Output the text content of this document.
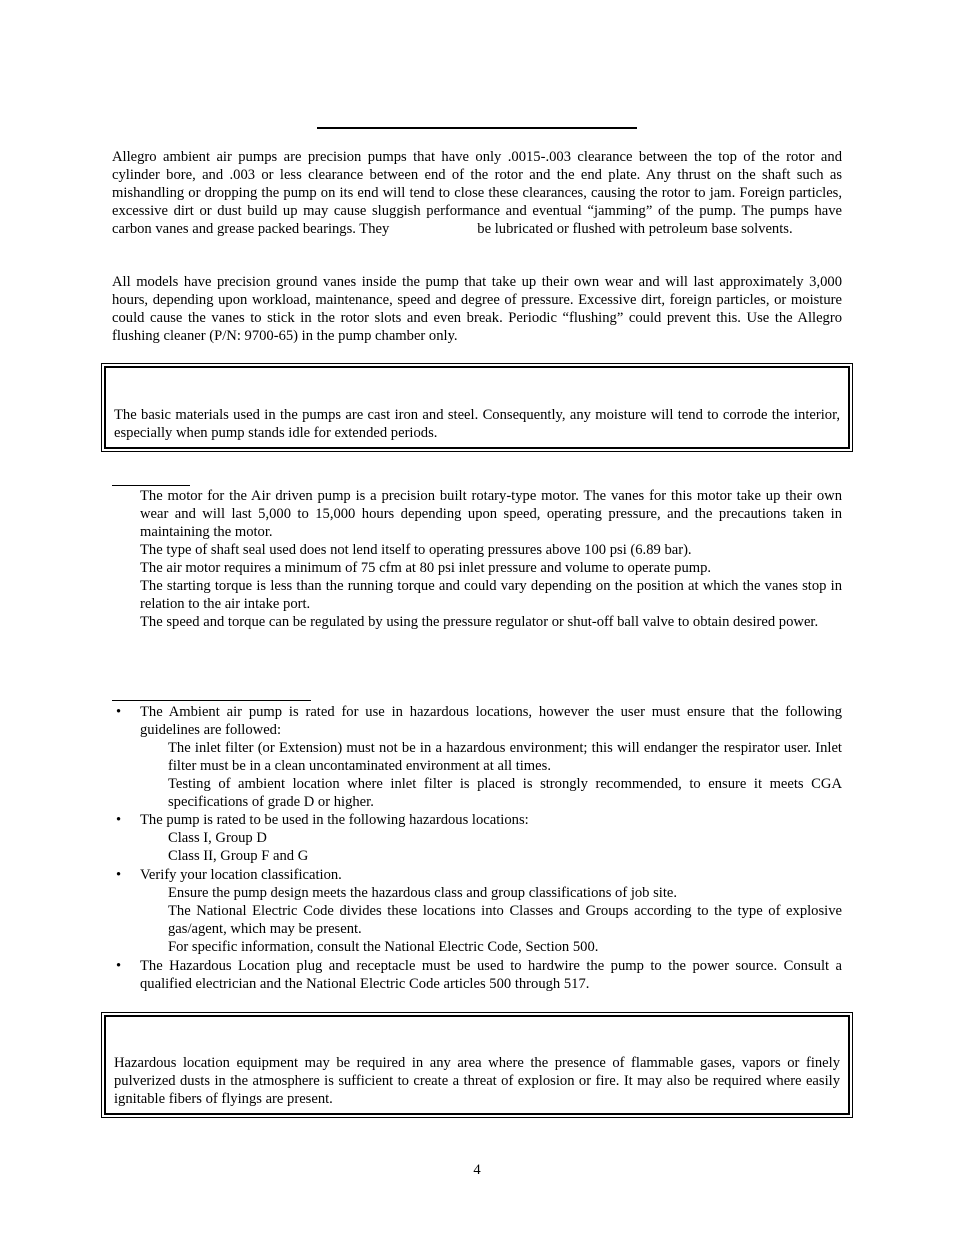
Allegro ambient air pumps are precision pumps that have only .0015-.003 clearance between the top of the rotor and cylinder bore, and .003 or less clearance between end of the rotor and the end plate. Any thrust on the shaft such as mishandling or dropping the pump on its end will tend to close these clearances, causing the rotor to jam. Foreign particles, excessive dirt or dust build up may cause sluggish performance and eventual “jamming” of the pump. The pumps have carbon vanes and grease packed bearings. They	be lubricated or flushed with petroleum base solvents.
All models have precision ground vanes inside the pump that take up their own wear and will last approximately 3,000 hours, depending upon workload, maintenance, speed and degree of pressure. Excessive dirt, foreign particles, or moisture could cause the vanes to stick in the rotor slots and even break. Periodic “flushing” could prevent this. Use the Allegro flushing cleaner (P/N: 9700-65) in the pump chamber only.
The basic materials used in the pumps are cast iron and steel. Consequently, any moisture will tend to corrode the interior, especially when pump stands idle for extended periods.
The motor for the Air driven pump is a precision built rotary-type motor. The vanes for this motor take up their own wear and will last 5,000 to 15,000 hours depending upon speed, operating pressure, and the precautions taken in maintaining the motor.
The type of shaft seal used does not lend itself to operating pressures above 100 psi (6.89 bar).
The air motor requires a minimum of 75 cfm at 80 psi inlet pressure and volume to operate pump.
The starting torque is less than the running torque and could vary depending on the position at which the vanes stop in relation to the air intake port.
The speed and torque can be regulated by using the pressure regulator or shut-off ball valve to obtain desired power.
• The Ambient air pump is rated for use in hazardous locations, however the user must ensure that the following guidelines are followed:
The inlet filter (or Extension) must not be in a hazardous environment; this will endanger the respirator user. Inlet filter must be in a clean uncontaminated environment at all times.
Testing of ambient location where inlet filter is placed is strongly recommended, to ensure it meets CGA specifications of grade D or higher.
• The pump is rated to be used in the following hazardous locations:
Class I, Group D
Class II, Group F and G
• Verify your location classification.
Ensure the pump design meets the hazardous class and group classifications of job site.
The National Electric Code divides these locations into Classes and Groups according to the type of explosive gas/agent, which may be present.
For specific information, consult the National Electric Code, Section 500.
• The Hazardous Location plug and receptacle must be used to hardwire the pump to the power source. Consult a qualified electrician and the National Electric Code articles 500 through 517.
Hazardous location equipment may be required in any area where the presence of flammable gases, vapors or finely pulverized dusts in the atmosphere is sufficient to create a threat of explosion or fire. It may also be required where easily ignitable fibers of flyings are present.
4
